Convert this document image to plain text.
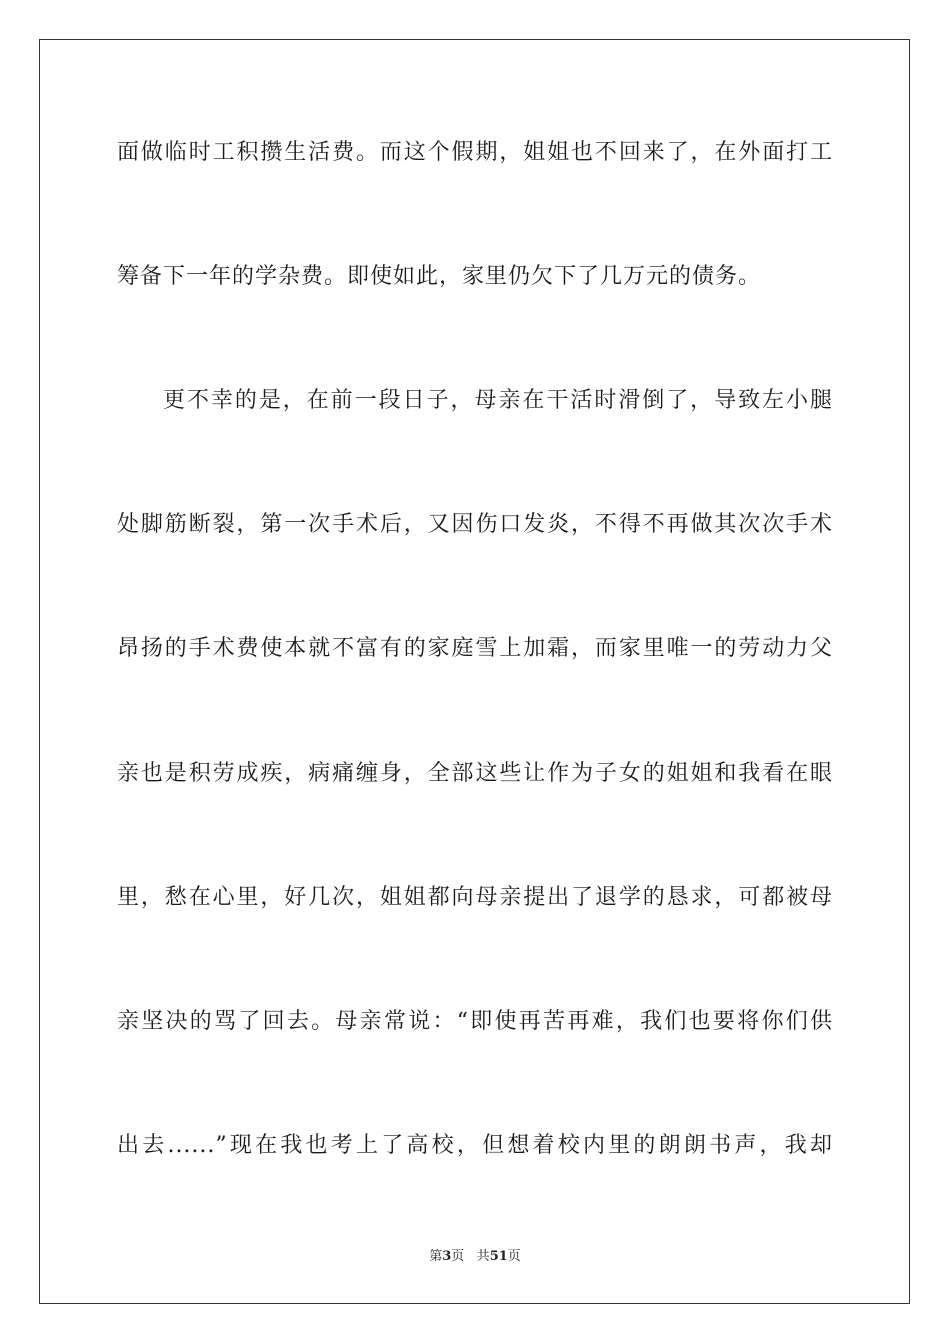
面做临时工积攒生活费。而这个假期，姐姐也不回来了，在外面打工

筹备下一年的学杂费。即使如此，家里仍欠下了几万元的债务。

更不幸的是，在前一段日子，母亲在干活时滑倒了，导致左小腿

处脚筋断裂，第一次手术后，又因伤口发炎，不得不再做其次次手术

昂扬的手术费使本就不富有的家庭雪上加霜，而家里唯一的劳动力父

亲也是积劳成疾，病痛缠身，全部这些让作为子女的姐姐和我看在眼

里，愁在心里，好几次，姐姐都向母亲提出了退学的恳求，可都被母

亲坚决的骂了回去。母亲常说：“即使再苦再难，我们也要将你们供

出去......”现在我也考上了高校，但想着校内里的朗朗书声，我却

第3页 共51页
